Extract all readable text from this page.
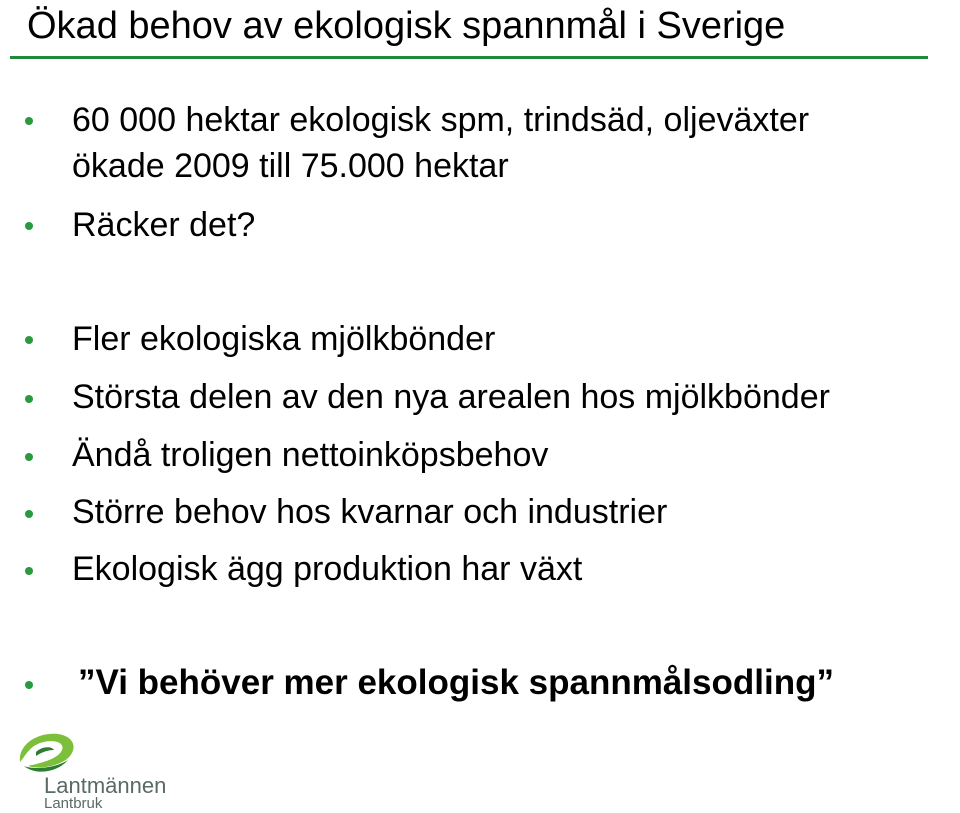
Ökad behov av ekologisk spannmål i Sverige
60 000 hektar ekologisk spm, trindsäd, oljeväxter
ökade 2009 till 75.000 hektar
Räcker det?
Fler ekologiska mjölkbönder
Största delen av den nya arealen hos mjölkbönder
Ändå troligen nettoinköpsbehov
Större behov hos kvarnar och industrier
Ekologisk ägg produktion har växt
”Vi behöver mer ekologisk spannmålsodling”
Lantmännen
Lantbruk
